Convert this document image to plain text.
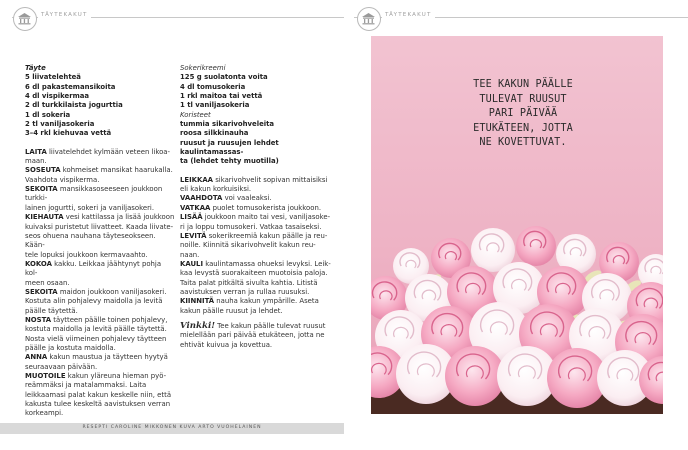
TÄYTEKAKUT

Täyte

5 liivatelehteä

6 dl pakastemansikoita

4 dl vispikermaa

2 dl turkkilaista jogurttia

1 dl sokeria

2 tl vaniljasokeria

3–4 rkl kiehuvaa vettä

LAITA liivatelehdet kylmään veteen likoa-

maan.

SOSEUTA kohmeiset mansikat haarukalla.

Vaahdota vispikerma.

SEKOITA mansikkasoseeseen joukkoon turkki-

lainen jogurtti, sokeri ja vaniljasokeri.

KIEHAUTA vesi kattilassa ja lisää joukkoon

kuivaksi puristetut liivatteet. Kaada liivate-

seos ohuena nauhana täyteseokseen. Kään-

tele lopuksi joukkoon kermavaahto.

KOKOA kakku. Leikkaa jäähtynyt pohja kol-

meen osaan.

SEKOITA maidon joukkoon vaniljasokeri.

Kostuta alin pohjalevy maidolla ja levitä

päälle täytettä.

NOSTA täytteen päälle toinen pohjalevy,

kostuta maidolla ja levitä päälle täytettä.

Nosta vielä viimeinen pohjalevy täytteen

päälle ja kostuta maidolla.

ANNA kakun maustua ja täytteen hyytyä

seuraavaan päivään.

MUOTOILE kakun yläreuna hieman pyö-

reämmäksi ja matalammaksi. Laita

leikkaamasi palat kakun keskelle niin, että

kakusta tulee keskeltä aavistuksen verran

korkeampi.

Sokerikreemi

125 g suolatonta voita

4 dl tomusokeria

1 rkl maitoa tai vettä

1 tl vaniljasokeria

Koristeet

tummia sikarivohveleita

roosa silkkinauha

ruusut ja ruusujen lehdet kaulintamassas-

ta (lehdet tehty muotilla)

LEIKKAA sikarivohvelit sopivan mittaisiksi

eli kakun korkuisiksi.

VAAHDOTA voi vaaleaksi.

VATKAA puolet tomusokerista joukkoon.

LISÄÄ joukkoon maito tai vesi, vaniljasoke-

ri ja loppu tomusokeri. Vatkaa tasaiseksi.

LEVITÄ sokerikreemiä kakun päälle ja reu-

noille. Kiinnitä sikarivohvelit kakun reu-

naan.

KAULI kaulintamassa ohueksi levyksi. Leik-

kaa levystä suorakaiteen muotoisia paloja.

Taita palat pitkältä sivulta kahtia. Litistä

aavistuksen verran ja rullaa ruusuksi.

KIINNITÄ nauha kakun ympärille. Aseta

kakun päälle ruusut ja lehdet.

Vinkki! Tee kakun päälle tulevat ruusut

mielellään pari päivää etukäteen, jotta ne

ehtivät kuivua ja kovettua.

RESEPTI CAROLINE MIKKONEN KUVA ARTO VUOHELAINEN
TÄYTEKAKUT
TEE KAKUN PÄÄLLE
TULEVAT RUUSUT
PARI PÄIVÄÄ
ETUKÄTEEN, JOTTA
NE KOVETTUVAT.
